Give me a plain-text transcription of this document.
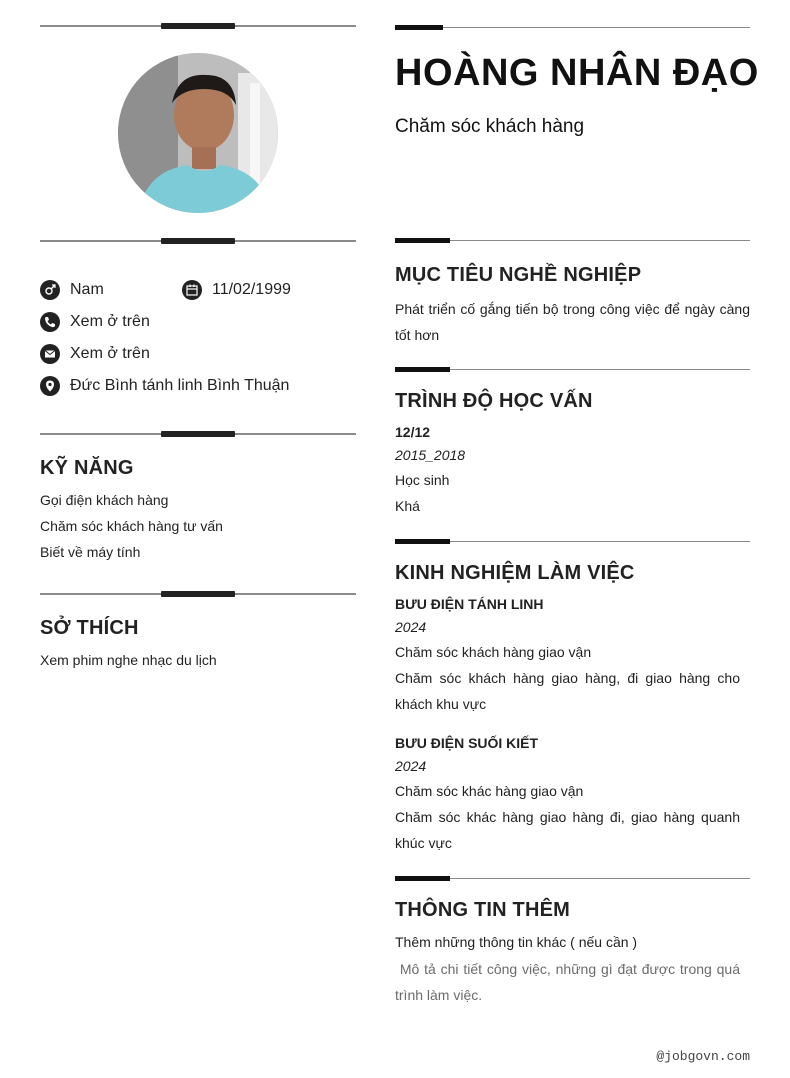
Nam	11/02/1999
Xem ở trên
Xem ở trên
Đức Bình tánh linh Bình Thuận
KỸ NĂNG
Gọi điện khách hàng
Chăm sóc khách hàng tư vấn
Biết về máy tính
SỞ THÍCH
Xem phim nghe nhạc du lịch
HOÀNG NHÂN ĐẠO
Chăm sóc khách hàng
MỤC TIÊU NGHỀ NGHIỆP
Phát triển cố gắng tiến bộ trong công việc để ngày càng tốt hơn
TRÌNH ĐỘ HỌC VẤN
12/12
2015_2018
Học sinh
Khá
KINH NGHIỆM LÀM VIỆC
BƯU ĐIỆN TÁNH LINH
2024
Chăm sóc khách hàng giao vận
Chăm sóc khách hàng giao hàng, đi giao hàng cho khách khu vực
BƯU ĐIỆN SUỐI KIẾT
2024
Chăm sóc khác hàng giao vận
Chăm sóc khác hàng giao hàng đi, giao hàng quanh khúc vực
THÔNG TIN THÊM
Thêm những thông tin khác ( nếu cần )
Mô tả chi tiết công việc, những gì đạt được trong quá trình làm việc.
@jobgovn.com
